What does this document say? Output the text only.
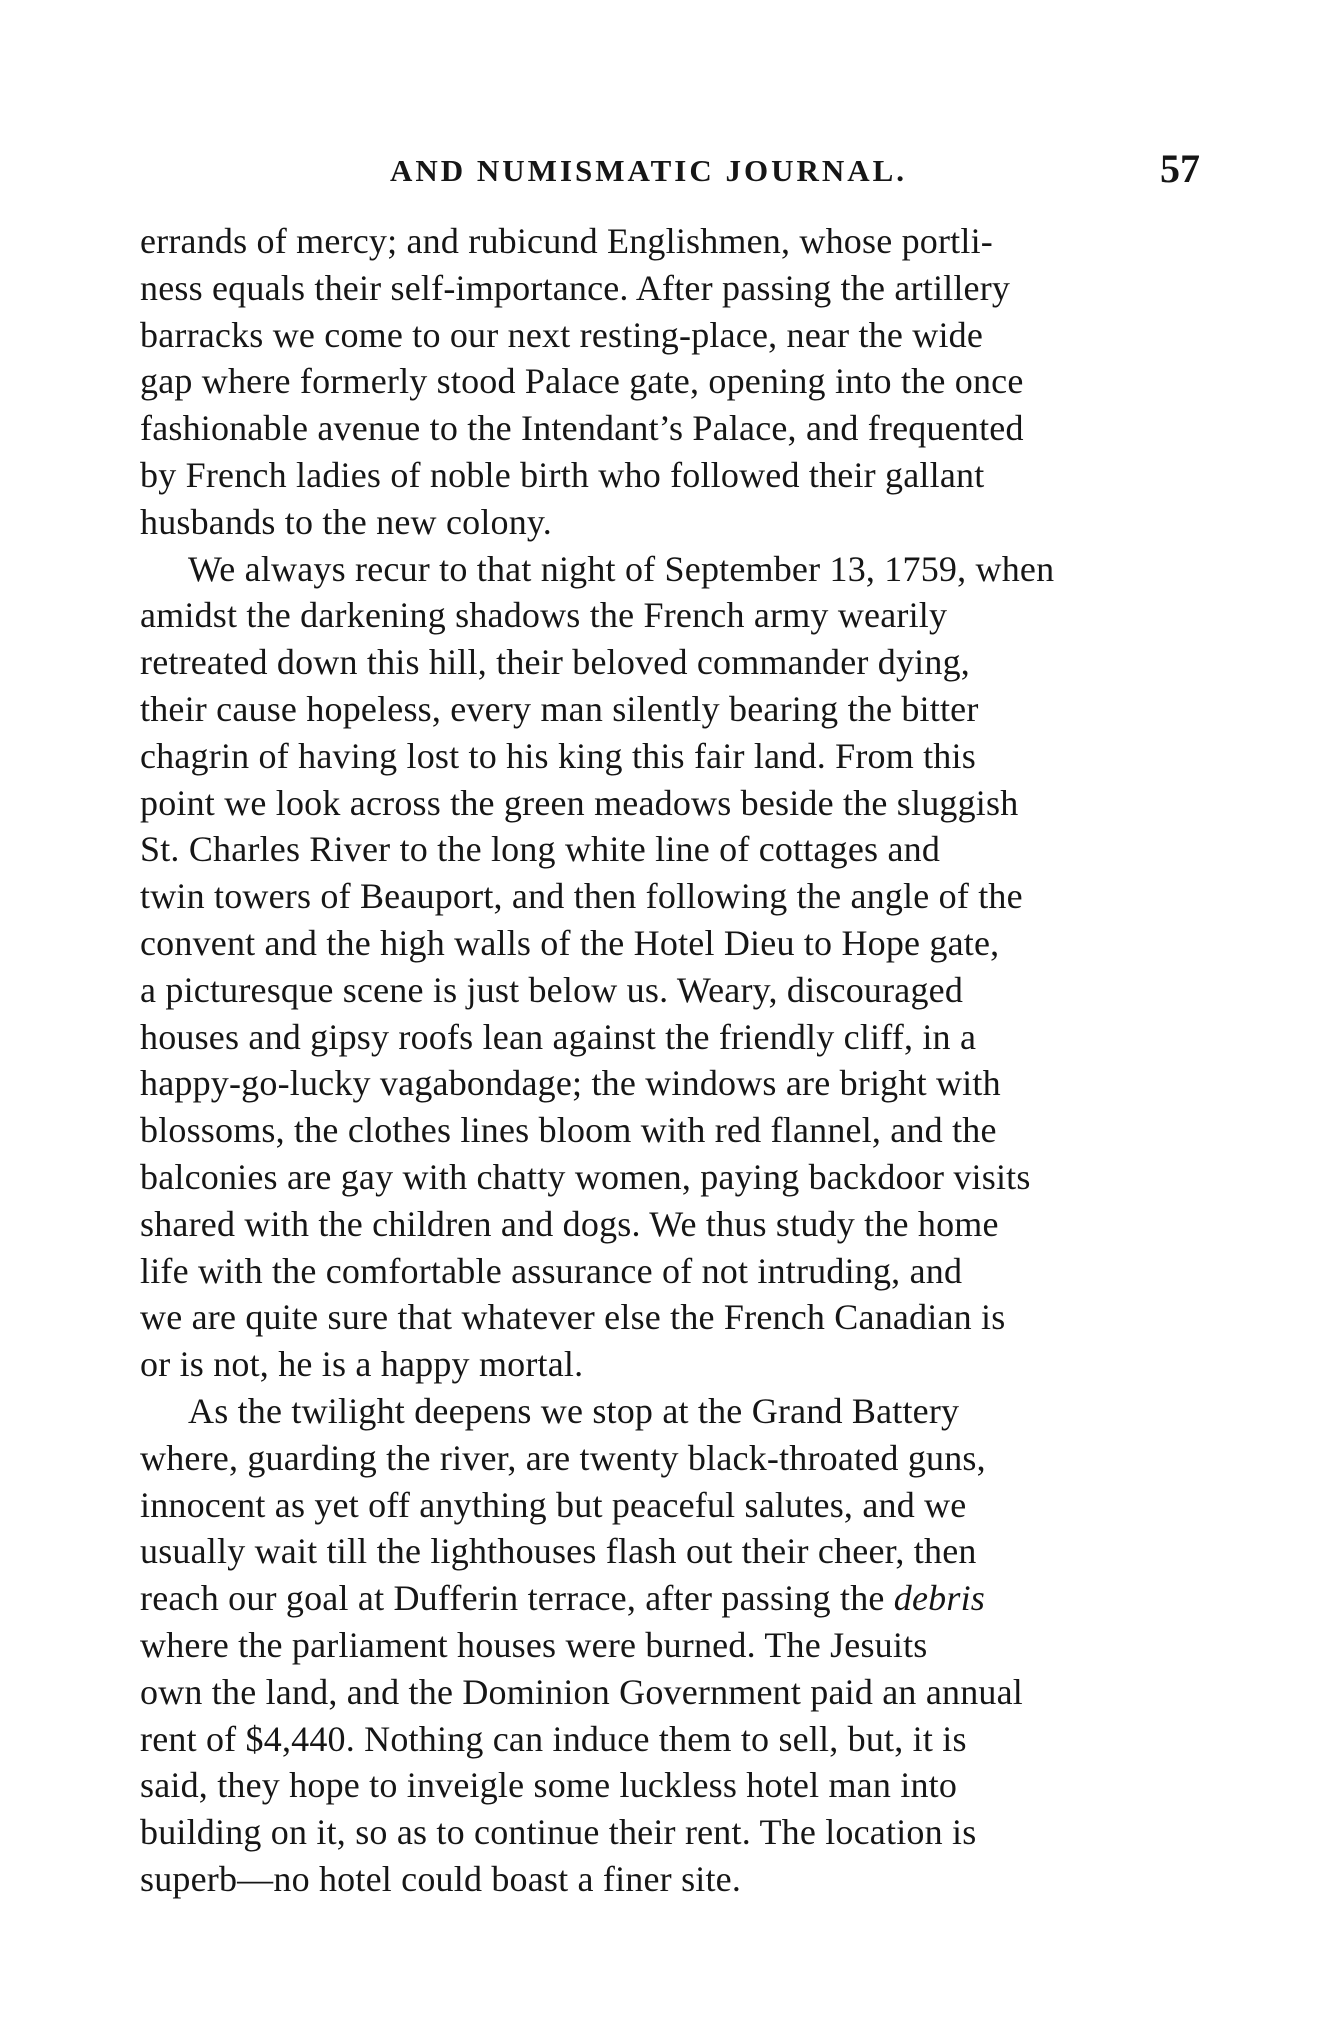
AND NUMISMATIC JOURNAL.	57

errands of mercy; and rubicund Englishmen, whose portli-
ness equals their self-importance. After passing the artillery
barracks we come to our next resting-place, near the wide
gap where formerly stood Palace gate, opening into the once
fashionable avenue to the Intendant’s Palace, and frequented
by French ladies of noble birth who followed their gallant
husbands to the new colony.

We always recur to that night of September 13, 1759, when
amidst the darkening shadows the French army wearily
retreated down this hill, their beloved commander dying,
their cause hopeless, every man silently bearing the bitter
chagrin of having lost to his king this fair land. From this
point we look across the green meadows beside the sluggish
St. Charles River to the long white line of cottages and
twin towers of Beauport, and then following the angle of the
convent and the high walls of the Hotel Dieu to Hope gate,
a picturesque scene is just below us. Weary, discouraged
houses and gipsy roofs lean against the friendly cliff, in a
happy-go-lucky vagabondage; the windows are bright with
blossoms, the clothes lines bloom with red flannel, and the
balconies are gay with chatty women, paying backdoor visits
shared with the children and dogs. We thus study the home
life with the comfortable assurance of not intruding, and
we are quite sure that whatever else the French Canadian is
or is not, he is a happy mortal.

As the twilight deepens we stop at the Grand Battery
where, guarding the river, are twenty black-throated guns,
innocent as yet off anything but peaceful salutes, and we
usually wait till the lighthouses flash out their cheer, then
reach our goal at Dufferin terrace, after passing the debris
where the parliament houses were burned. The Jesuits
own the land, and the Dominion Government paid an annual
rent of $4,440. Nothing can induce them to sell, but, it is
said, they hope to inveigle some luckless hotel man into
building on it, so as to continue their rent. The location is
superb—no hotel could boast a finer site.
